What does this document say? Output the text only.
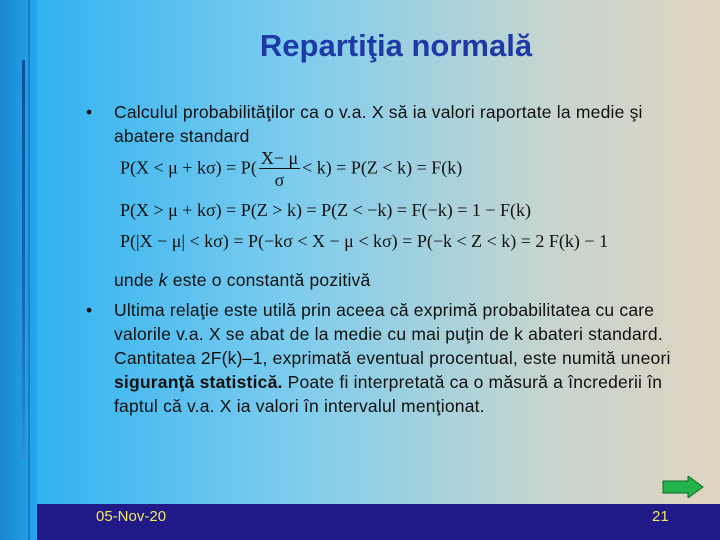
Repartiţia normală
• Calculul probabilităţilor ca o v.a. X să ia valori raportate la medie şi abatere standard
$P(X < \mu + k\sigma) = P( \frac{X- \mu}{\sigma} < k) = P(Z < k) = F(k)$
P(X > μ + kσ) = P(Z > k) = P(Z < −k) = F(−k) = 1 − F(k)
P(|X − μ| < kσ) = P(−kσ < X − μ < kσ) = P(−k < Z < k) = 2 F(k) − 1
unde k este o constantă pozitivă
• Ultima relaţie este utilă prin aceea că exprimă probabilitatea cu care valorile v.a. X se abat de la medie cu mai puţin de k abateri standard. Cantitatea 2F(k)–1, exprimată eventual procentual, este numită uneori siguranţă statistică. Poate fi interpretată ca o măsură a încrederii în faptul că v.a. X ia valori în intervalul menţionat.
05-Nov-20	21
